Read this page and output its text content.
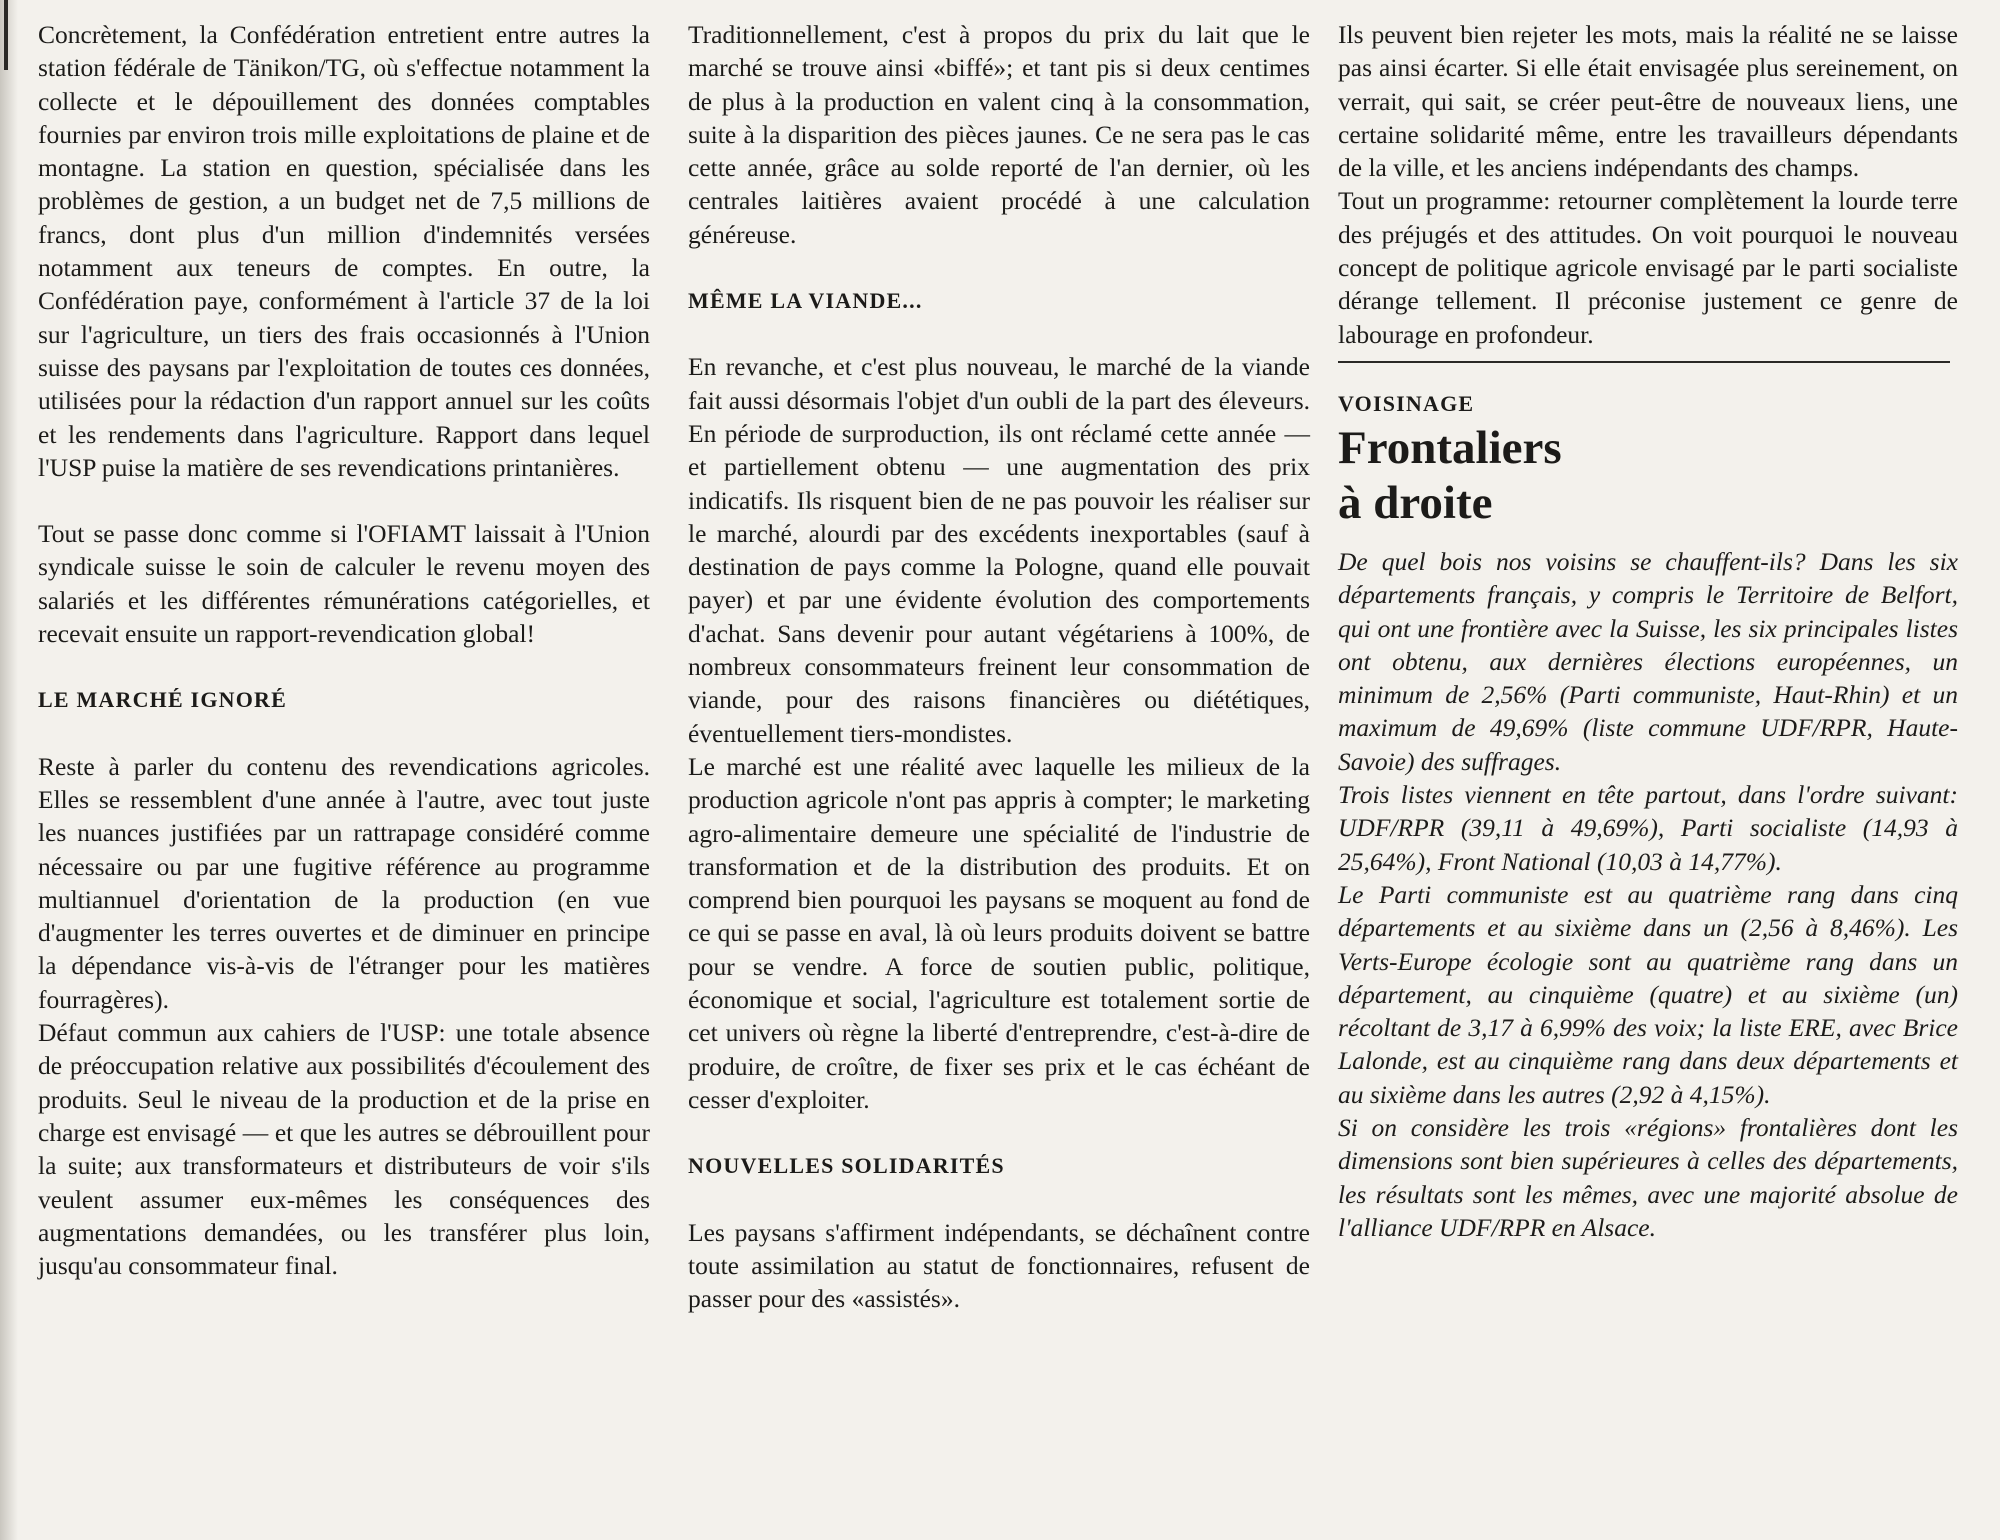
Concrètement, la Confédération entretient entre autres la station fédérale de Tänikon/TG, où s'effectue notamment la collecte et le dépouillement des données comptables fournies par environ trois mille exploitations de plaine et de montagne. La station en question, spécialisée dans les problèmes de gestion, a un budget net de 7,5 millions de francs, dont plus d'un million d'indemnités versées notamment aux teneurs de comptes. En outre, la Confédération paye, conformément à l'article 37 de la loi sur l'agriculture, un tiers des frais occasionnés à l'Union suisse des paysans par l'exploitation de toutes ces données, utilisées pour la rédaction d'un rapport annuel sur les coûts et les rendements dans l'agriculture. Rapport dans lequel l'USP puise la matière de ses revendications printanières.

Tout se passe donc comme si l'OFIAMT laissait à l'Union syndicale suisse le soin de calculer le revenu moyen des salariés et les différentes rémunérations catégorielles, et recevait ensuite un rapport-revendication global!

LE MARCHÉ IGNORÉ

Reste à parler du contenu des revendications agricoles. Elles se ressemblent d'une année à l'autre, avec tout juste les nuances justifiées par un rattrapage considéré comme nécessaire ou par une fugitive référence au programme multiannuel d'orientation de la production (en vue d'augmenter les terres ouvertes et de diminuer en principe la dépendance vis-à-vis de l'étranger pour les matières fourragères).

Défaut commun aux cahiers de l'USP: une totale absence de préoccupation relative aux possibilités d'écoulement des produits. Seul le niveau de la production et de la prise en charge est envisagé — et que les autres se débrouillent pour la suite; aux transformateurs et distributeurs de voir s'ils veulent assumer eux-mêmes les conséquences des augmentations demandées, ou les transférer plus loin, jusqu'au consommateur final.

Traditionnellement, c'est à propos du prix du lait que le marché se trouve ainsi «biffé»; et tant pis si deux centimes de plus à la production en valent cinq à la consommation, suite à la disparition des pièces jaunes. Ce ne sera pas le cas cette année, grâce au solde reporté de l'an dernier, où les centrales laitières avaient procédé à une calculation généreuse.

MÊME LA VIANDE...

En revanche, et c'est plus nouveau, le marché de la viande fait aussi désormais l'objet d'un oubli de la part des éleveurs. En période de surproduction, ils ont réclamé cette année — et partiellement obtenu — une augmentation des prix indicatifs. Ils risquent bien de ne pas pouvoir les réaliser sur le marché, alourdi par des excédents inexportables (sauf à destination de pays comme la Pologne, quand elle pouvait payer) et par une évidente évolution des comportements d'achat. Sans devenir pour autant végétariens à 100%, de nombreux consommateurs freinent leur consommation de viande, pour des raisons financières ou diététiques, éventuellement tiers-mondistes.

Le marché est une réalité avec laquelle les milieux de la production agricole n'ont pas appris à compter; le marketing agro-alimentaire demeure une spécialité de l'industrie de transformation et de la distribution des produits. Et on comprend bien pourquoi les paysans se moquent au fond de ce qui se passe en aval, là où leurs produits doivent se battre pour se vendre. A force de soutien public, politique, économique et social, l'agriculture est totalement sortie de cet univers où règne la liberté d'entreprendre, c'est-à-dire de produire, de croître, de fixer ses prix et le cas échéant de cesser d'exploiter.

NOUVELLES SOLIDARITÉS

Les paysans s'affirment indépendants, se déchaînent contre toute assimilation au statut de fonctionnaires, refusent de passer pour des «assistés».

Ils peuvent bien rejeter les mots, mais la réalité ne se laisse pas ainsi écarter. Si elle était envisagée plus sereinement, on verrait, qui sait, se créer peut-être de nouveaux liens, une certaine solidarité même, entre les travailleurs dépendants de la ville, et les anciens indépendants des champs.

Tout un programme: retourner complètement la lourde terre des préjugés et des attitudes. On voit pourquoi le nouveau concept de politique agricole envisagé par le parti socialiste dérange tellement. Il préconise justement ce genre de labourage en profondeur.

VOISINAGE
Frontaliers
à droite

De quel bois nos voisins se chauffent-ils? Dans les six départements français, y compris le Territoire de Belfort, qui ont une frontière avec la Suisse, les six principales listes ont obtenu, aux dernières élections européennes, un minimum de 2,56% (Parti communiste, Haut-Rhin) et un maximum de 49,69% (liste commune UDF/RPR, Haute-Savoie) des suffrages.

Trois listes viennent en tête partout, dans l'ordre suivant: UDF/RPR (39,11 à 49,69%), Parti socialiste (14,93 à 25,64%), Front National (10,03 à 14,77%).

Le Parti communiste est au quatrième rang dans cinq départements et au sixième dans un (2,56 à 8,46%). Les Verts-Europe écologie sont au quatrième rang dans un département, au cinquième (quatre) et au sixième (un) récoltant de 3,17 à 6,99% des voix; la liste ERE, avec Brice Lalonde, est au cinquième rang dans deux départements et au sixième dans les autres (2,92 à 4,15%).

Si on considère les trois «régions» frontalières dont les dimensions sont bien supérieures à celles des départements, les résultats sont les mêmes, avec une majorité absolue de l'alliance UDF/RPR en Alsace.
